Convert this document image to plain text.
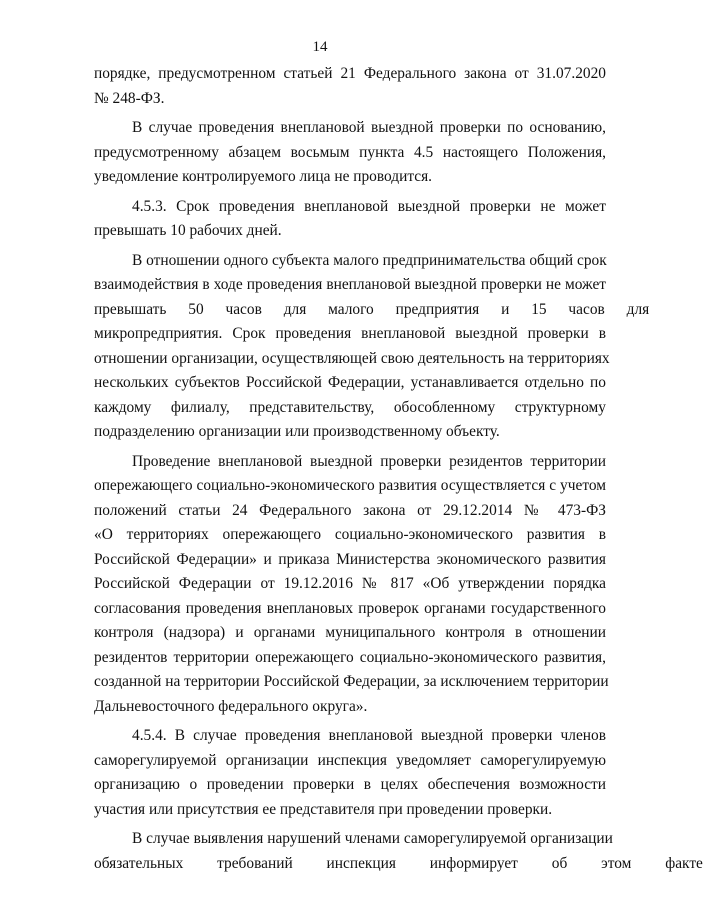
14

порядке, предусмотренном статьей 21 Федерального закона от 31.07.2020
№ 248-ФЗ.

В случае проведения внеплановой выездной проверки по основанию,
предусмотренному абзацем восьмым пункта 4.5 настоящего Положения,
уведомление контролируемого лица не проводится.

4.5.3. Срок проведения внеплановой выездной проверки не может
превышать 10 рабочих дней.

В отношении одного субъекта малого предпринимательства общий срок
взаимодействия в ходе проведения внеплановой выездной проверки не может
превышать 50 часов для малого предприятия и 15 часов для
микропредприятия. Срок проведения внеплановой выездной проверки в
отношении организации, осуществляющей свою деятельность на территориях
нескольких субъектов Российской Федерации, устанавливается отдельно по
каждому филиалу, представительству, обособленному структурному
подразделению организации или производственному объекту.

Проведение внеплановой выездной проверки резидентов территории
опережающего социально-экономического развития осуществляется с учетом
положений статьи 24 Федерального закона от 29.12.2014 № 473-ФЗ
«О территориях опережающего социально-экономического развития в
Российской Федерации» и приказа Министерства экономического развития
Российской Федерации от 19.12.2016 № 817 «Об утверждении порядка
согласования проведения внеплановых проверок органами государственного
контроля (надзора) и органами муниципального контроля в отношении
резидентов территории опережающего социально-экономического развития,
созданной на территории Российской Федерации, за исключением территории
Дальневосточного федерального округа».

4.5.4. В случае проведения внеплановой выездной проверки членов
саморегулируемой организации инспекция уведомляет саморегулируемую
организацию о проведении проверки в целях обеспечения возможности
участия или присутствия ее представителя при проведении проверки.

В случае выявления нарушений членами саморегулируемой организации
обязательных требований инспекция информирует об этом факте
